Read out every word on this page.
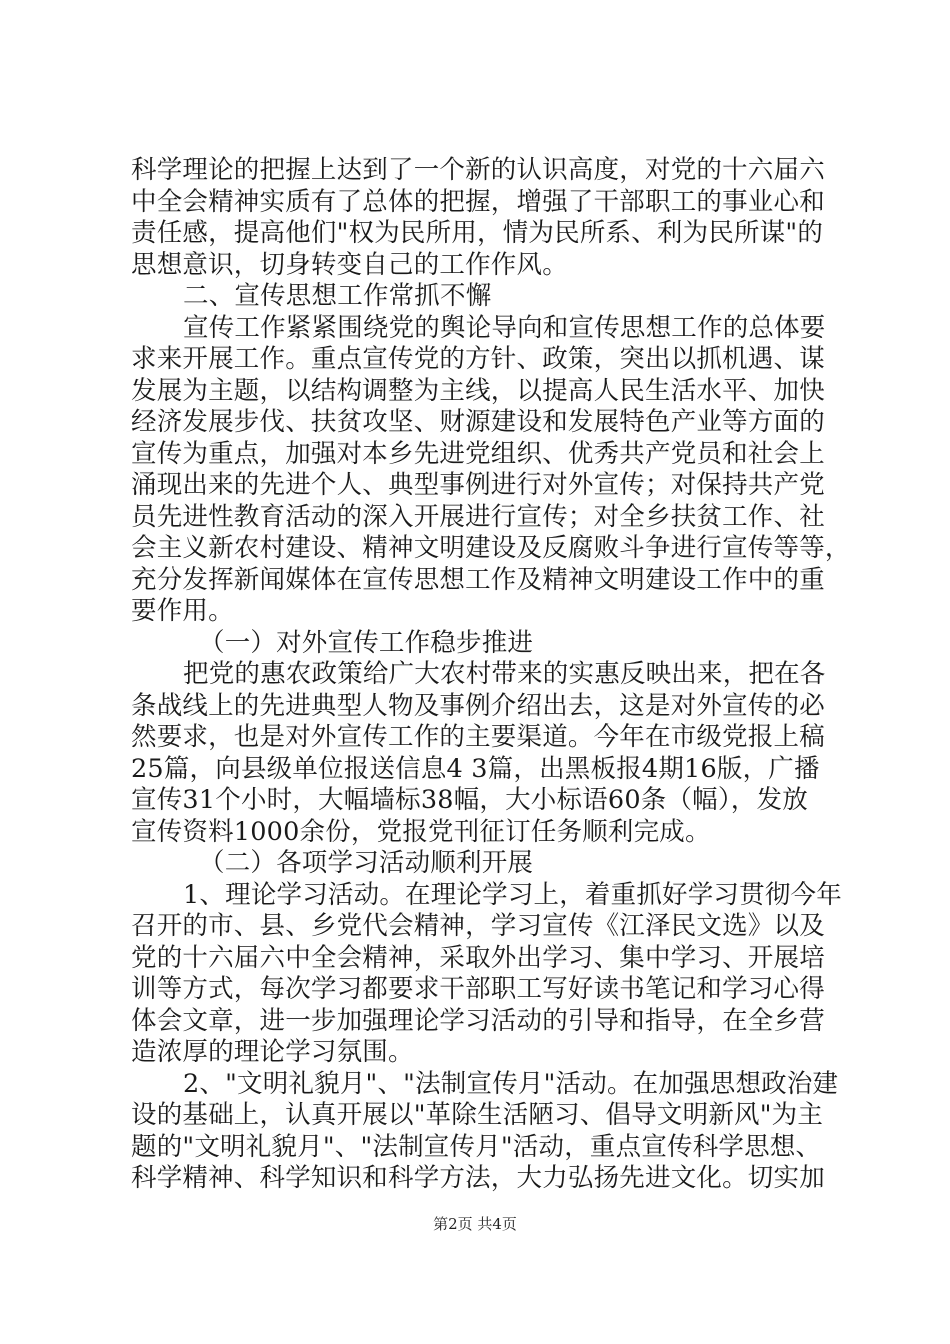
科学理论的把握上达到了一个新的认识高度，对党的十六届六
中全会精神实质有了总体的把握，增强了干部职工的事业心和
责任感，提高他们"权为民所用，情为民所系、利为民所谋"的
思想意识，切身转变自己的工作作风。
二、宣传思想工作常抓不懈
宣传工作紧紧围绕党的舆论导向和宣传思想工作的总体要
求来开展工作。重点宣传党的方针、政策，突出以抓机遇、谋
发展为主题，以结构调整为主线，以提高人民生活水平、加快
经济发展步伐、扶贫攻坚、财源建设和发展特色产业等方面的
宣传为重点，加强对本乡先进党组织、优秀共产党员和社会上
涌现出来的先进个人、典型事例进行对外宣传；对保持共产党
员先进性教育活动的深入开展进行宣传；对全乡扶贫工作、社
会主义新农村建设、精神文明建设及反腐败斗争进行宣传等等，
充分发挥新闻媒体在宣传思想工作及精神文明建设工作中的重
要作用。
（一）对外宣传工作稳步推进
把党的惠农政策给广大农村带来的实惠反映出来，把在各
条战线上的先进典型人物及事例介绍出去，这是对外宣传的必
然要求，也是对外宣传工作的主要渠道。今年在市级党报上稿
25篇，向县级单位报送信息4 3篇，出黑板报4期16版，广播
宣传31个小时，大幅墙标38幅，大小标语60条（幅），发放
宣传资料1000余份，党报党刊征订任务顺利完成。
（二）各项学习活动顺利开展
1、理论学习活动。在理论学习上，着重抓好学习贯彻今年
召开的市、县、乡党代会精神，学习宣传《江泽民文选》以及
党的十六届六中全会精神，采取外出学习、集中学习、开展培
训等方式，每次学习都要求干部职工写好读书笔记和学习心得
体会文章，进一步加强理论学习活动的引导和指导，在全乡营
造浓厚的理论学习氛围。
2、"文明礼貌月"、"法制宣传月"活动。在加强思想政治建
设的基础上，认真开展以"革除生活陋习、倡导文明新风"为主
题的"文明礼貌月"、"法制宣传月"活动，重点宣传科学思想、
科学精神、科学知识和科学方法，大力弘扬先进文化。切实加
第2页 共4页
